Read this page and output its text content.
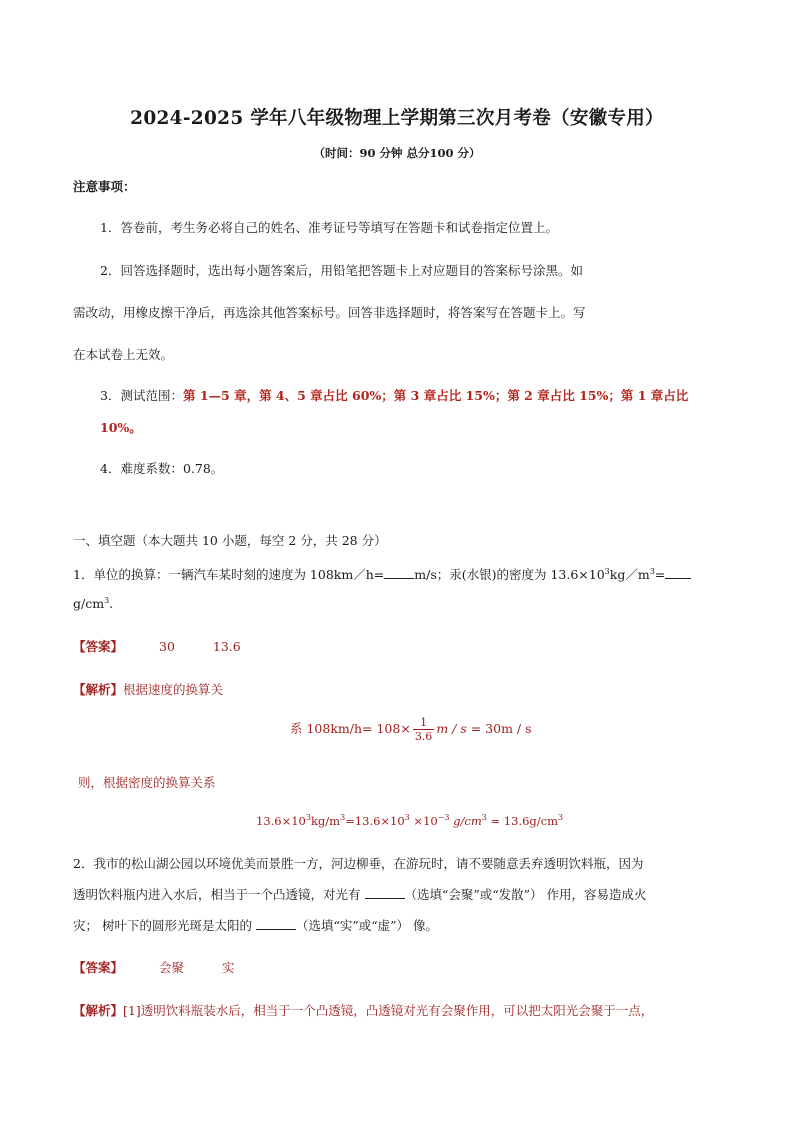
2024-2025 学年八年级物理上学期第三次月考卷（安徽专用）
（时间：90 分钟 总分100 分）
注意事项：
1．答卷前，考生务必将自己的姓名、准考证号等填写在答题卡和试卷指定位置上。
2．回答选择题时，选出每小题答案后，用铅笔把答题卡上对应题目的答案标号涂黑。如
需改动，用橡皮擦干净后，再选涂其他答案标号。回答非选择题时，将答案写在答题卡上。写
在本试卷上无效。
3．测试范围：第 1—5 章，第 4、5 章占比 60%；第 3 章占比 15%；第 2 章占比 15%；第 1 章占比
10%。
4．难度系数：0.78。
一、填空题（本大题共 10 小题，每空 2 分，共 28 分）
1．单位的换算：一辆汽车某时刻的速度为 108km／h= m/s；汞(水银)的密度为 $13.6\times 10^3kg/m^3=$
$g/cm^3$.
【答案】	30	13.6
【解析】根据速度的换算关
系 $108km/h= 108\times \frac{1}{3.6}$ m / s = 30m / s
则，根据密度的换算关系
$13.6\times 10^3kg/m^3=13.6\times 10^3 \times 10^{-3}$ $g/cm^3 = 13.6g/cm^3$
2．我市的松山湖公园以环境优美而景胜一方，河边柳垂，在游玩时，请不要随意丢弃透明饮料瓶，因为
透明饮料瓶内进入水后，相当于一个凸透镜，对光有	（选填“会聚”或“发散”） 作用，容易造成火
灾； 树叶下的圆形光斑是太阳的	（选填“实”或“虚”） 像。
【答案】	会聚	实
【解析】[1]透明饮料瓶装水后，相当于一个凸透镜，凸透镜对光有会聚作用，可以把太阳光会聚于一点，
